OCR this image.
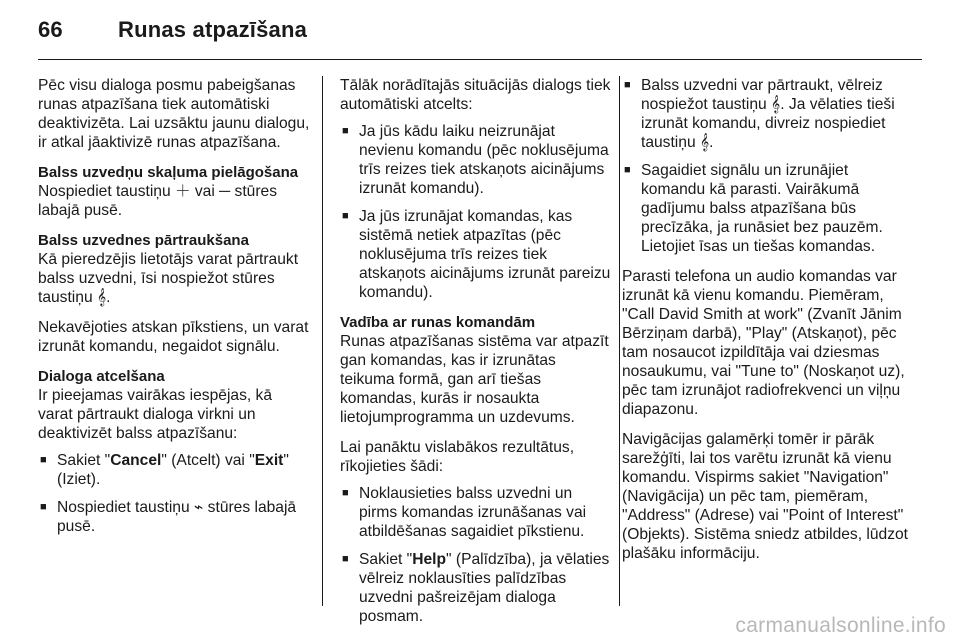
66	Runas atpazīšana

Pēc visu dialoga posmu pabeigšanas runas atpazīšana tiek automātiski deaktivizēta. Lai uzsāktu jaunu dialogu, ir atkal jāaktivizē runas atpazīšana.

Balss uzvedņu skaļuma pielāgošana
Nospiediet taustiņu ＋ vai ─ stūres labajā pusē.
Balss uzvednes pārtraukšana
Kā pieredzējis lietotājs varat pārtraukt balss uzvedni, īsi nospiežot stūres taustiņu 𝄞.

Nekavējoties atskan pīkstiens, un varat izrunāt komandu, negaidot signālu.

Dialoga atcelšana
Ir pieejamas vairākas iespējas, kā varat pārtraukt dialoga virkni un deaktivizēt balss atpazīšanu:
■ Sakiet "Cancel" (Atcelt) vai "Exit" (Iziet).
■ Nospiediet taustiņu ⌁ stūres labajā pusē.

Tālāk norādītajās situācijās dialogs tiek automātiski atcelts:

■ Ja jūs kādu laiku neizrunājat nevienu komandu (pēc noklusējuma trīs reizes tiek atskaņots aicinājums izrunāt komandu).
■ Ja jūs izrunājat komandas, kas sistēmā netiek atpazītas (pēc noklusējuma trīs reizes tiek atskaņots aicinājums izrunāt pareizu komandu).
Vadība ar runas komandām
Runas atpazīšanas sistēma var atpazīt gan komandas, kas ir izrunātas teikuma formā, gan arī tiešas komandas, kurās ir nosaukta lietojumprogramma un uzdevums.

Lai panāktu vislabākos rezultātus, rīkojieties šādi:

■ Noklausieties balss uzvedni un pirms komandas izrunāšanas vai atbildēšanas sagaidiet pīkstienu.
■ Sakiet "Help" (Palīdzība), ja vēlaties vēlreiz noklausīties palīdzības uzvedni pašreizējam dialoga posmam.
■ Balss uzvedni var pārtraukt, vēlreiz nospiežot taustiņu 𝄞. Ja vēlaties tieši izrunāt komandu, divreiz nospiediet taustiņu 𝄞.
■ Sagaidiet signālu un izrunājiet komandu kā parasti. Vairākumā gadījumu balss atpazīšana būs precīzāka, ja runāsiet bez pauzēm. Lietojiet īsas un tiešas komandas.

Parasti telefona un audio komandas var izrunāt kā vienu komandu. Piemēram, "Call David Smith at work" (Zvanīt Jānim Bērziņam darbā), "Play" (Atskaņot), pēc tam nosaucot izpildītāja vai dziesmas nosaukumu, vai "Tune to" (Noskaņot uz), pēc tam izrunājot radiofrekvenci un viļņu diapazonu.

Navigācijas galamērķi tomēr ir pārāk sarežģīti, lai tos varētu izrunāt kā vienu komandu. Vispirms sakiet "Navigation" (Navigācija) un pēc tam, piemēram, "Address" (Adrese) vai "Point of Interest" (Objekts). Sistēma sniedz atbildes, lūdzot plašāku informāciju.

carmanualsonline.info
